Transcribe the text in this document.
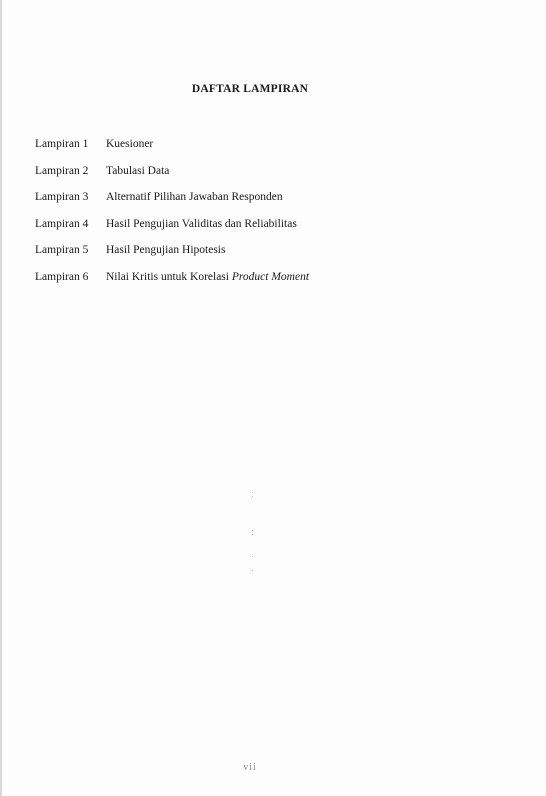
DAFTAR LAMPIRAN
Lampiran 1 Kuesioner
Lampiran 2 Tabulasi Data
Lampiran 3 Alternatif Pilihan Jawaban Responden
Lampiran 4 Hasil Pengujian Validitas dan Reliabilitas
Lampiran 5 Hasil Pengujian Hipotesis
Lampiran 6 Nilai Kritis untuk Korelasi Product Moment
vii
